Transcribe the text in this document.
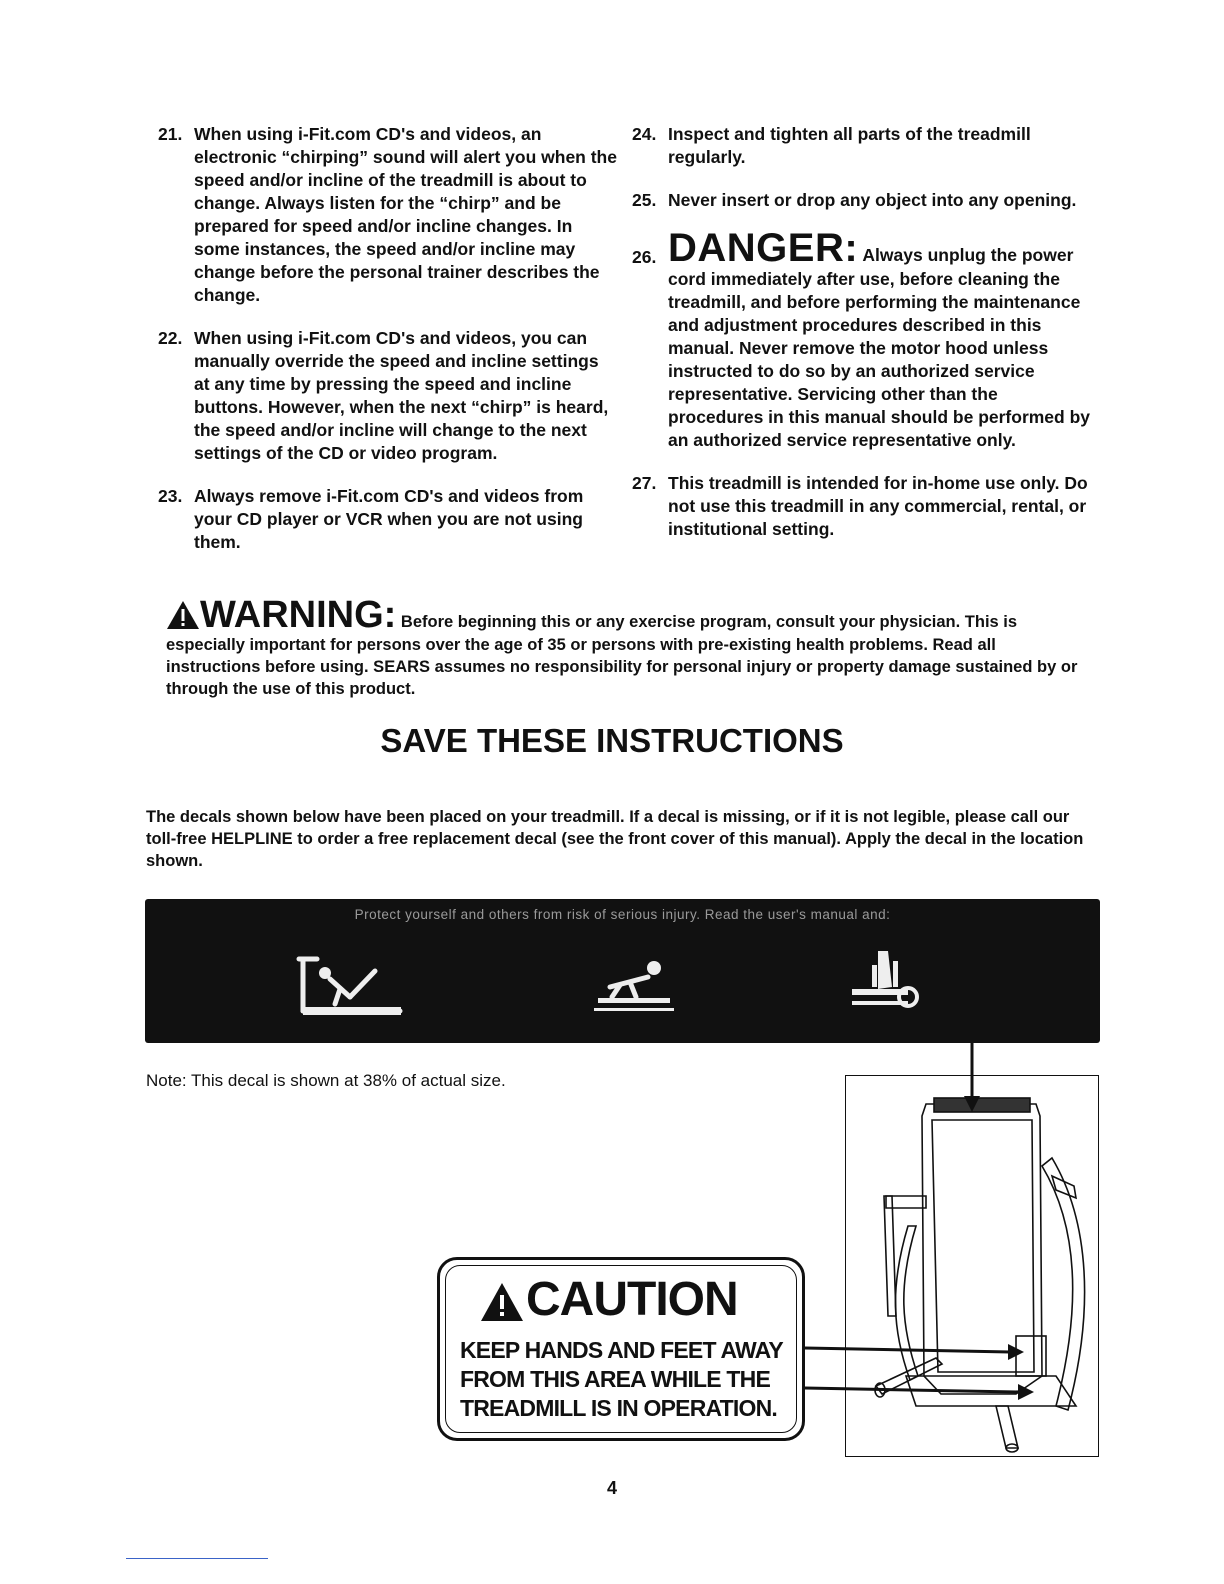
21. When using i-Fit.com CD's and videos, an electronic “chirping” sound will alert you when the speed and/or incline of the treadmill is about to change. Always listen for the “chirp” and be prepared for speed and/or incline changes. In some instances, the speed and/or incline may change before the personal trainer describes the change.
22. When using i-Fit.com CD's and videos, you can manually override the speed and incline settings at any time by pressing the speed and incline buttons. However, when the next “chirp” is heard, the speed and/or incline will change to the next settings of the CD or video program.
23. Always remove i-Fit.com CD's and videos from your CD player or VCR when you are not using them.
24. Inspect and tighten all parts of the treadmill regularly.
25. Never insert or drop any object into any opening.
26. DANGER: Always unplug the power cord immediately after use, before cleaning the treadmill, and before performing the maintenance and adjustment procedures described in this manual. Never remove the motor hood unless instructed to do so by an authorized service representative. Servicing other than the procedures in this manual should be performed by an authorized service representative only.
27. This treadmill is intended for in-home use only. Do not use this treadmill in any commercial, rental, or institutional setting.
WARNING: Before beginning this or any exercise program, consult your physician. This is especially important for persons over the age of 35 or persons with pre-existing health problems. Read all instructions before using. SEARS assumes no responsibility for personal injury or property damage sustained by or through the use of this product.
SAVE THESE INSTRUCTIONS
The decals shown below have been placed on your treadmill. If a decal is missing, or if it is not legible, please call our toll-free HELPLINE to order a free replacement decal (see the front cover of this manual). Apply the decal in the location shown.
Protect yourself and others from risk of serious injury. Read the user's manual and:
Note: This decal is shown at 38% of actual size.
CAUTION
KEEP HANDS AND FEET AWAY
FROM THIS AREA WHILE THE
TREADMILL IS IN OPERATION.
4
